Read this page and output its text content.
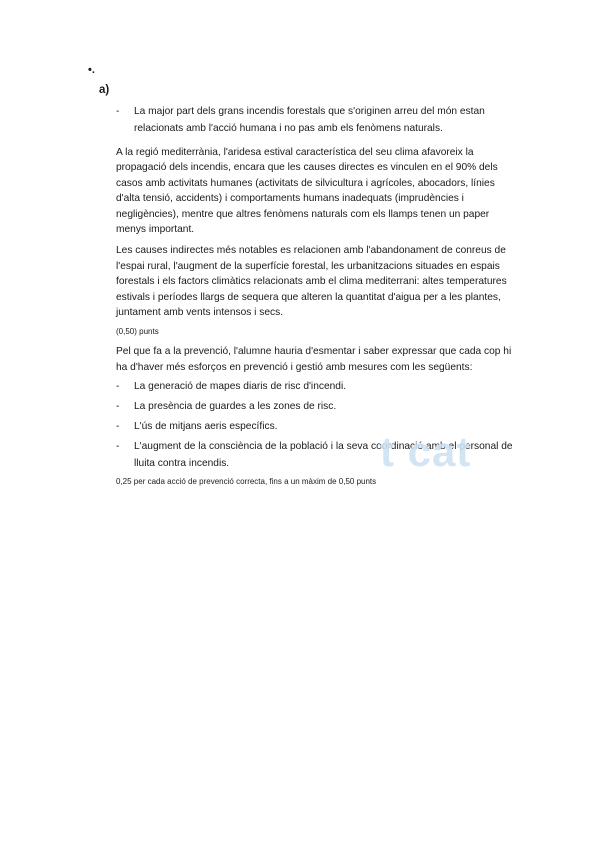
•.
a)
t cat
- La major part dels grans incendis forestals que s'originen arreu del món estan relacionats amb l'acció humana i no pas amb els fenòmens naturals.

A la regió mediterrània, l'aridesa estival característica del seu clima afavoreix la propagació dels incendis, encara que les causes directes es vinculen en el 90% dels casos amb activitats humanes (activitats de silvicultura i agrícoles, abocadors, línies d'alta tensió, accidents) i comportaments humans inadequats (imprudències i negligències), mentre que altres fenòmens naturals com els llamps tenen un paper menys important.

Les causes indirectes més notables es relacionen amb l'abandonament de conreus de l'espai rural, l'augment de la superfície forestal, les urbanitzacions situades en espais forestals i els factors climàtics relacionats amb el clima mediterrani: altes temperatures estivals i períodes llargs de sequera que alteren la quantitat d'aigua per a les plantes, juntament amb vents intensos i secs.

(0,50) punts

Pel que fa a la prevenció, l'alumne hauria d'esmentar i saber expressar que cada cop hi ha d'haver més esforços en prevenció i gestió amb mesures com les següents:

- La generació de mapes diaris de risc d'incendi.
- La presència de guardes a les zones de risc.
- L'ús de mitjans aeris específics.
- L'augment de la consciència de la població i la seva coordinació amb el personal de lluita contra incendis.

0,25 per cada acció de prevenció correcta, fins a un màxim de 0,50 punts
